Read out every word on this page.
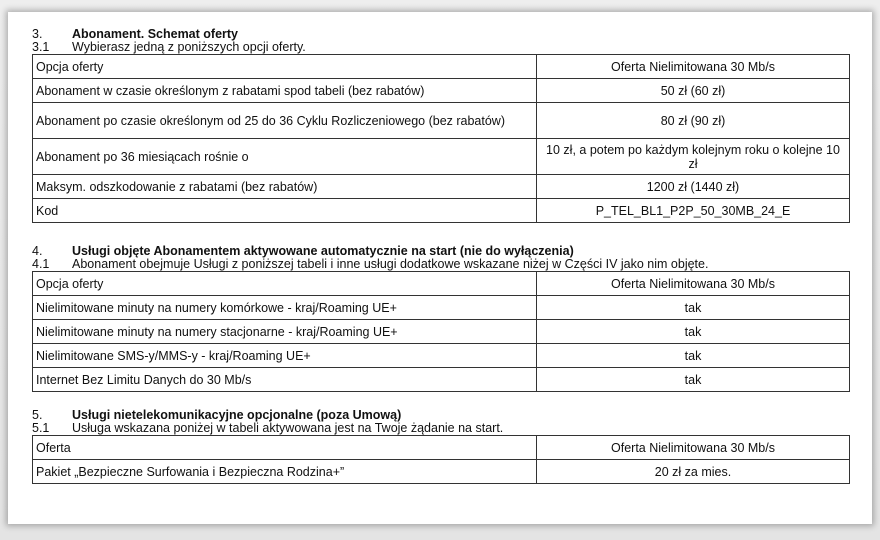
3. Abonament. Schemat oferty
3.1 Wybierasz jedną z poniższych opcji oferty.
Opcja oferty	Oferta Nielimitowana 30 Mb/s
Abonament w czasie określonym z rabatami spod tabeli (bez rabatów)	50 zł (60 zł)
Abonament po czasie określonym od 25 do 36 Cyklu Rozliczeniowego (bez rabatów)	80 zł (90 zł)
Abonament po 36 miesiącach rośnie o	10 zł, a potem po każdym kolejnym roku o kolejne 10 zł
Maksym. odszkodowanie z rabatami (bez rabatów)	1200 zł (1440 zł)
Kod	P_TEL_BL1_P2P_50_30MB_24_E
4. Usługi objęte Abonamentem aktywowane automatycznie na start (nie do wyłączenia)
4.1 Abonament obejmuje Usługi z poniższej tabeli i inne usługi dodatkowe wskazane niżej w Części IV jako nim objęte.
Opcja oferty	Oferta Nielimitowana 30 Mb/s
Nielimitowane minuty na numery komórkowe - kraj/Roaming UE+	tak
Nielimitowane minuty na numery stacjonarne - kraj/Roaming UE+	tak
Nielimitowane SMS-y/MMS-y - kraj/Roaming UE+	tak
Internet Bez Limitu Danych do 30 Mb/s	tak
5. Usługi nietelekomunikacyjne opcjonalne (poza Umową)
5.1 Usługa wskazana poniżej w tabeli aktywowana jest na Twoje żądanie na start.
Oferta	Oferta Nielimitowana 30 Mb/s
Pakiet „Bezpieczne Surfowania i Bezpieczna Rodzina+”	20 zł za mies.
